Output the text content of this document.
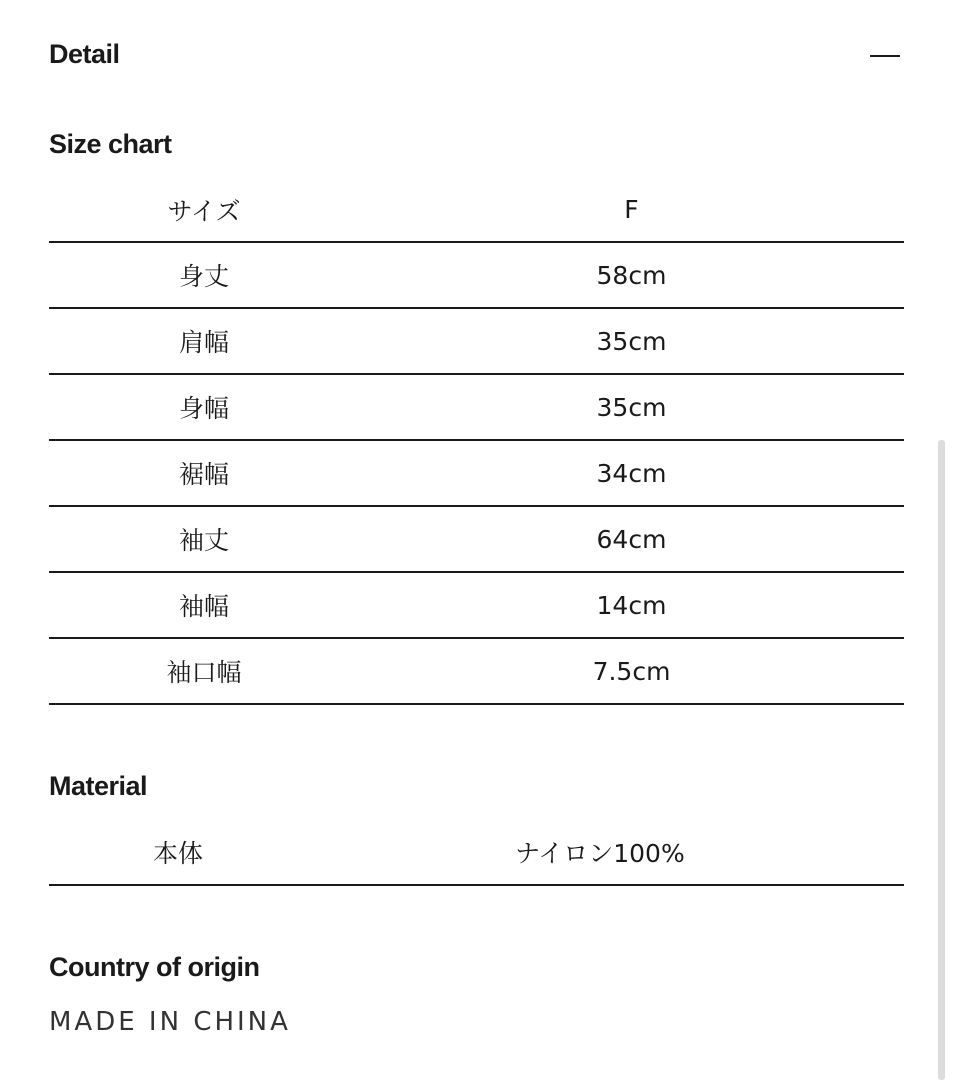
Detail
Size chart
サイズ	F
身丈	58cm
肩幅	35cm
身幅	35cm
裾幅	34cm
袖丈	64cm
袖幅	14cm
袖口幅	7.5cm
Material
本体	ナイロン100%
Country of origin
MADE IN CHINA
